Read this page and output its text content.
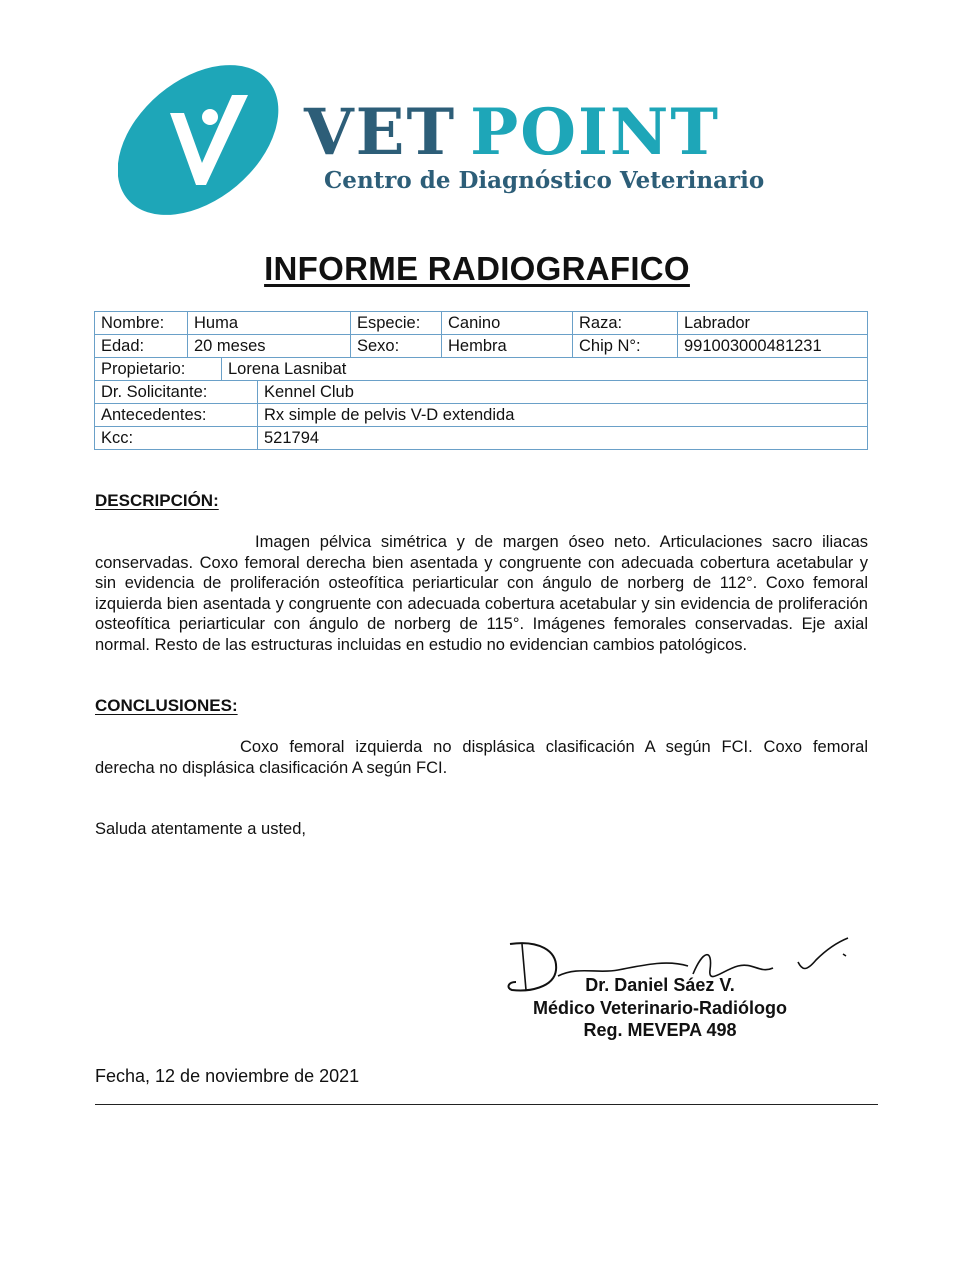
VET POINT
Centro de Diagnóstico Veterinario
INFORME RADIOGRAFICO
Nombre:	Huma	Especie:	Canino	Raza:	Labrador
Edad:	20 meses	Sexo:	Hembra	Chip N°:	991003000481231

Propietario:	Lorena Lasnibat

Dr. Solicitante:	Kennel Club

Antecedentes:	Rx simple de pelvis V-D extendida

Kcc:	521794
DESCRIPCIÓN:
Imagen pélvica simétrica y de margen óseo neto. Articulaciones sacro iliacas conservadas. Coxo femoral derecha bien asentada y congruente con adecuada cobertura acetabular y sin evidencia de proliferación osteofítica periarticular con ángulo de norberg de 112°. Coxo femoral izquierda bien asentada y congruente con adecuada cobertura acetabular y sin evidencia de proliferación osteofítica periarticular con ángulo de norberg de 115°. Imágenes femorales conservadas. Eje axial normal. Resto de las estructuras incluidas en estudio no evidencian cambios patológicos.
CONCLUSIONES:
Coxo femoral izquierda no displásica clasificación A según FCI. Coxo femoral derecha no displásica clasificación A según FCI.
Saluda atentamente a usted,
Dr. Daniel Sáez V.
Médico Veterinario-Radiólogo
Reg. MEVEPA 498
Fecha, 12 de noviembre de 2021
